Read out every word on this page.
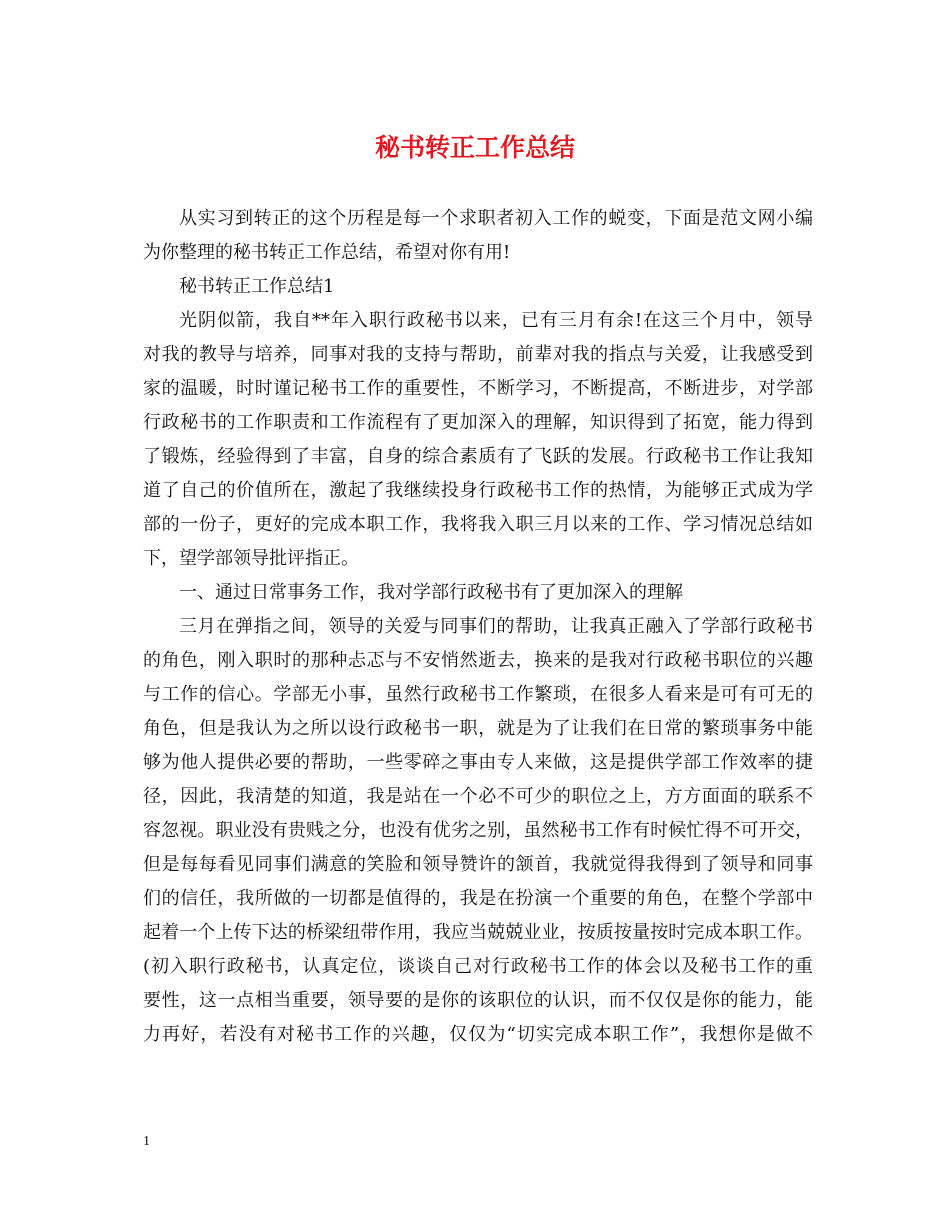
秘书转正工作总结
从实习到转正的这个历程是每一个求职者初入工作的蜕变，下面是范文网小编
为你整理的秘书转正工作总结，希望对你有用!
秘书转正工作总结1
光阴似箭，我自**年入职行政秘书以来，已有三月有余!在这三个月中，领导
对我的教导与培养，同事对我的支持与帮助，前辈对我的指点与关爱，让我感受到
家的温暖，时时谨记秘书工作的重要性，不断学习，不断提高，不断进步，对学部
行政秘书的工作职责和工作流程有了更加深入的理解，知识得到了拓宽，能力得到
了锻炼，经验得到了丰富，自身的综合素质有了飞跃的发展。行政秘书工作让我知
道了自己的价值所在，激起了我继续投身行政秘书工作的热情，为能够正式成为学
部的一份子，更好的完成本职工作，我将我入职三月以来的工作、学习情况总结如
下，望学部领导批评指正。
一、通过日常事务工作，我对学部行政秘书有了更加深入的理解
三月在弹指之间，领导的关爱与同事们的帮助，让我真正融入了学部行政秘书
的角色，刚入职时的那种忐忑与不安悄然逝去，换来的是我对行政秘书职位的兴趣
与工作的信心。学部无小事，虽然行政秘书工作繁琐，在很多人看来是可有可无的
角色，但是我认为之所以设行政秘书一职，就是为了让我们在日常的繁琐事务中能
够为他人提供必要的帮助，一些零碎之事由专人来做，这是提供学部工作效率的捷
径，因此，我清楚的知道，我是站在一个必不可少的职位之上，方方面面的联系不
容忽视。职业没有贵贱之分，也没有优劣之别，虽然秘书工作有时候忙得不可开交，
但是每每看见同事们满意的笑脸和领导赞许的颔首，我就觉得我得到了领导和同事
们的信任，我所做的一切都是值得的，我是在扮演一个重要的角色，在整个学部中
起着一个上传下达的桥梁纽带作用，我应当兢兢业业，按质按量按时完成本职工作。
(初入职行政秘书，认真定位，谈谈自己对行政秘书工作的体会以及秘书工作的重
要性，这一点相当重要，领导要的是你的该职位的认识，而不仅仅是你的能力，能
力再好，若没有对秘书工作的兴趣，仅仅为“切实完成本职工作”，我想你是做不
1
